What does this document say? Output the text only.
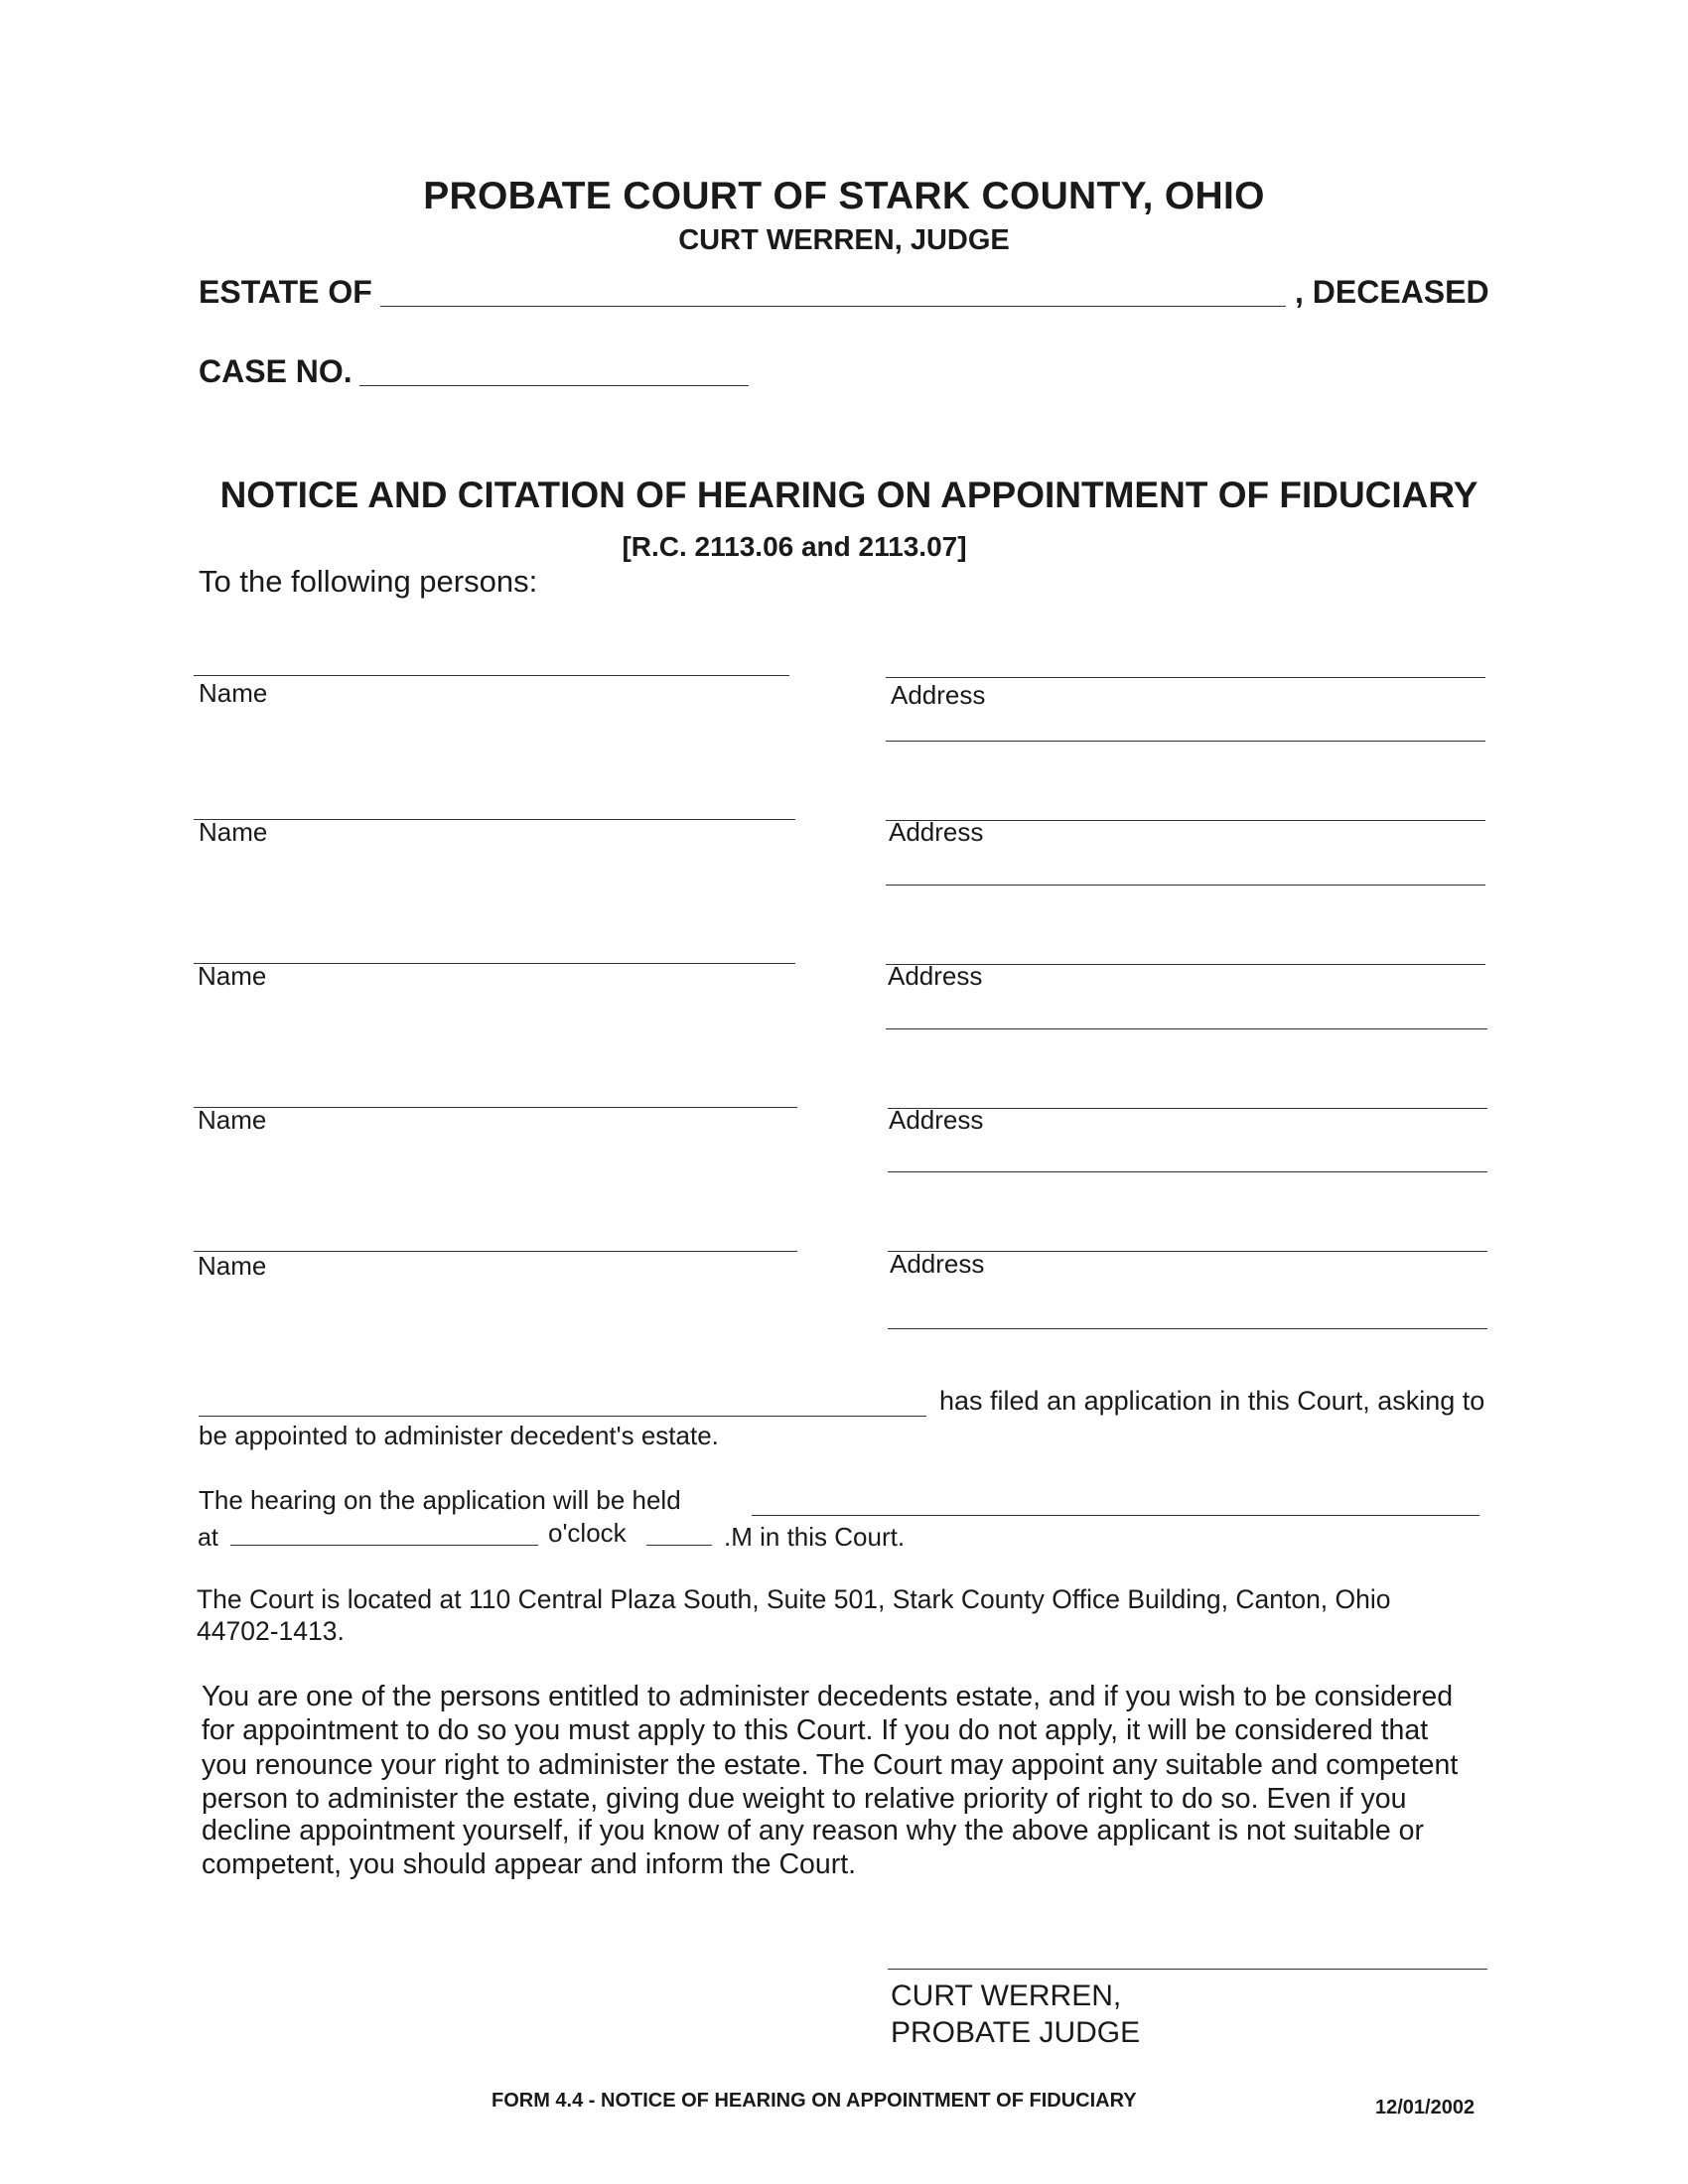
PROBATE COURT OF STARK COUNTY, OHIO
CURT WERREN, JUDGE
ESTATE OF	, DECEASED
CASE NO.
NOTICE AND CITATION OF HEARING ON APPOINTMENT OF FIDUCIARY
[R.C. 2113.06 and 2113.07]
To the following persons:
Name	Address
Name	Address
Name	Address
Name	Address
Name	Address
has filed an application in this Court, asking to
be appointed to administer decedent's estate.
The hearing on the application will be held
at	o'clock	.M in this Court.
The Court is located at 110 Central Plaza South, Suite 501, Stark County Office Building, Canton, Ohio
44702-1413.
You are one of the persons entitled to administer decedents estate, and if you wish to be considered
for appointment to do so you must apply to this Court. If you do not apply, it will be considered that
you renounce your right to administer the estate. The Court may appoint any suitable and competent
person to administer the estate, giving due weight to relative priority of right to do so. Even if you
decline appointment yourself, if you know of any reason why the above applicant is not suitable or
competent, you should appear and inform the Court.
CURT WERREN,
PROBATE JUDGE
FORM 4.4 - NOTICE OF HEARING ON APPOINTMENT OF FIDUCIARY	12/01/2002
